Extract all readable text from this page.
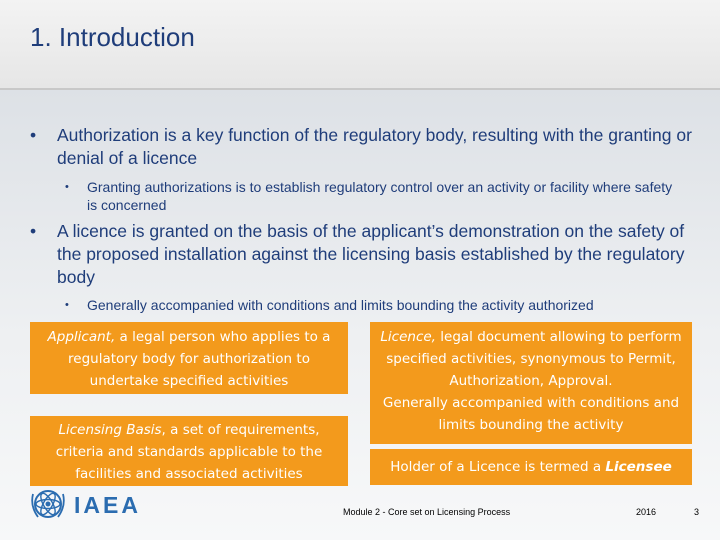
1. Introduction
• Authorization is a key function of the regulatory body, resulting with the granting or denial of a licence
• Granting authorizations is to establish regulatory control over an activity or facility where safety is concerned
• A licence is granted on the basis of the applicant’s demonstration on the safety of the proposed installation against the licensing basis established by the regulatory body
• Generally accompanied with conditions and limits bounding the activity authorized
Applicant, a legal person who applies to a regulatory body for authorization to undertake specified activities
Licensing Basis, a set of requirements, criteria and standards applicable to the facilities and associated activities
Licence, legal document allowing to perform specified activities, synonymous to Permit, Authorization, Approval.
Generally accompanied with conditions and limits bounding the activity
Holder of a Licence is termed a Licensee
IAEA	Module 2 - Core set on Licensing Process	2016	3
